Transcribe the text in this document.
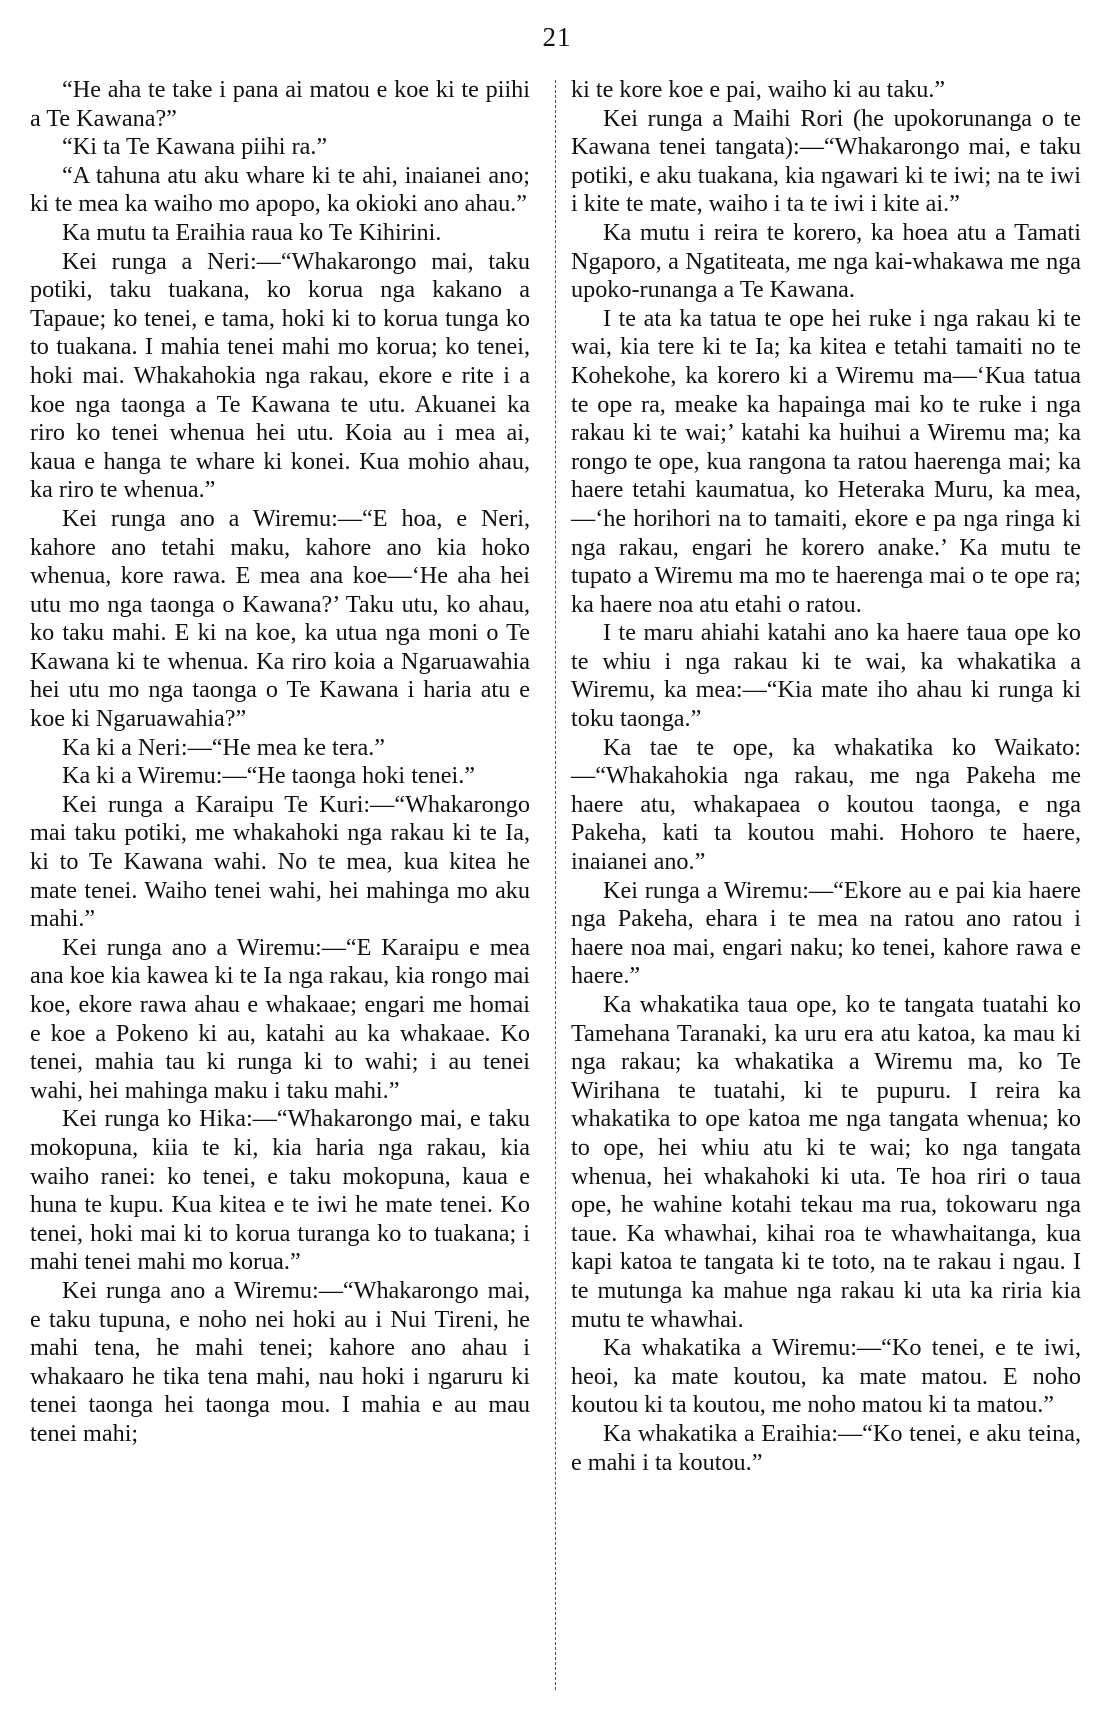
21

“He aha te take i pana ai matou e koe ki te piihi a Te Kawana?”

“Ki ta Te Kawana piihi ra.”

“A tahuna atu aku whare ki te ahi, inaianei ano; ki te mea ka waiho mo apopo, ka okioki ano ahau.”

Ka mutu ta Eraihia raua ko Te Kihirini.

Kei runga a Neri:—“Whakarongo mai, taku potiki, taku tuakana, ko korua nga kakano a Tapaue; ko tenei, e tama, hoki ki to korua tunga ko to tuakana. I mahia tenei mahi mo korua; ko tenei, hoki mai. Whakahokia nga rakau, ekore e rite i a koe nga taonga a Te Kawana te utu. Akuanei ka riro ko tenei whenua hei utu. Koia au i mea ai, kaua e hanga te whare ki konei. Kua mohio ahau, ka riro te whenua.”

Kei runga ano a Wiremu:—“E hoa, e Neri, kahore ano tetahi maku, kahore ano kia hoko whenua, kore rawa. E mea ana koe—‘He aha hei utu mo nga taonga o Kawana?’ Taku utu, ko ahau, ko taku mahi. E ki na koe, ka utua nga moni o Te Kawana ki te whenua. Ka riro koia a Ngaruawahia hei utu mo nga taonga o Te Kawana i haria atu e koe ki Ngaruawahia?”

Ka ki a Neri:—“He mea ke tera.”

Ka ki a Wiremu:—“He taonga hoki tenei.”

Kei runga a Karaipu Te Kuri:—“Whakarongo mai taku potiki, me whakahoki nga rakau ki te Ia, ki to Te Kawana wahi. No te mea, kua kitea he mate tenei. Waiho tenei wahi, hei mahinga mo aku mahi.”

Kei runga ano a Wiremu:—“E Karaipu e mea ana koe kia kawea ki te Ia nga rakau, kia rongo mai koe, ekore rawa ahau e whakaae; engari me homai e koe a Pokeno ki au, katahi au ka whakaae. Ko tenei, mahia tau ki runga ki to wahi; i au tenei wahi, hei mahinga maku i taku mahi.”

Kei runga ko Hika:—“Whakarongo mai, e taku mokopuna, kiia te ki, kia haria nga rakau, kia waiho ranei: ko tenei, e taku mokopuna, kaua e huna te kupu. Kua kitea e te iwi he mate tenei. Ko tenei, hoki mai ki to korua turanga ko to tuakana; i mahi tenei mahi mo korua.”

Kei runga ano a Wiremu:—“Whakarongo mai, e taku tupuna, e noho nei hoki au i Nui Tireni, he mahi tena, he mahi tenei; kahore ano ahau i whakaaro he tika tena mahi, nau hoki i ngaruru ki tenei taonga hei taonga mou. I mahia e au mau tenei mahi;

ki te kore koe e pai, waiho ki au taku.”

Kei runga a Maihi Rori (he upokorunanga o te Kawana tenei tangata):—“Whakarongo mai, e taku potiki, e aku tuakana, kia ngawari ki te iwi; na te iwi i kite te mate, waiho i ta te iwi i kite ai.”

Ka mutu i reira te korero, ka hoea atu a Tamati Ngaporo, a Ngatiteata, me nga kai-whakawa me nga upoko-runanga a Te Kawana.

I te ata ka tatua te ope hei ruke i nga rakau ki te wai, kia tere ki te Ia; ka kitea e tetahi tamaiti no te Kohekohe, ka korero ki a Wiremu ma—‘Kua tatua te ope ra, meake ka hapainga mai ko te ruke i nga rakau ki te wai;’ katahi ka huihui a Wiremu ma; ka rongo te ope, kua rangona ta ratou haerenga mai; ka haere tetahi kaumatua, ko Heteraka Muru, ka mea,—‘he horihori na to tamaiti, ekore e pa nga ringa ki nga rakau, engari he korero anake.’ Ka mutu te tupato a Wiremu ma mo te haerenga mai o te ope ra; ka haere noa atu etahi o ratou.

I te maru ahiahi katahi ano ka haere taua ope ko te whiu i nga rakau ki te wai, ka whakatika a Wiremu, ka mea:—“Kia mate iho ahau ki runga ki toku taonga.”

Ka tae te ope, ka whakatika ko Waikato:—“Whakahokia nga rakau, me nga Pakeha me haere atu, whakapaea o koutou taonga, e nga Pakeha, kati ta koutou mahi. Hohoro te haere, inaianei ano.”

Kei runga a Wiremu:—“Ekore au e pai kia haere nga Pakeha, ehara i te mea na ratou ano ratou i haere noa mai, engari naku; ko tenei, kahore rawa e haere.”

Ka whakatika taua ope, ko te tangata tuatahi ko Tamehana Taranaki, ka uru era atu katoa, ka mau ki nga rakau; ka whakatika a Wiremu ma, ko Te Wirihana te tuatahi, ki te pupuru. I reira ka whakatika to ope katoa me nga tangata whenua; ko to ope, hei whiu atu ki te wai; ko nga tangata whenua, hei whakahoki ki uta. Te hoa riri o taua ope, he wahine kotahi tekau ma rua, tokowaru nga taue. Ka whawhai, kihai roa te whawhaitanga, kua kapi katoa te tangata ki te toto, na te rakau i ngau. I te mutunga ka mahue nga rakau ki uta ka riria kia mutu te whawhai.

Ka whakatika a Wiremu:—“Ko tenei, e te iwi, heoi, ka mate koutou, ka mate matou. E noho koutou ki ta koutou, me noho matou ki ta matou.”

Ka whakatika a Eraihia:—“Ko tenei, e aku teina, e mahi i ta koutou.”
